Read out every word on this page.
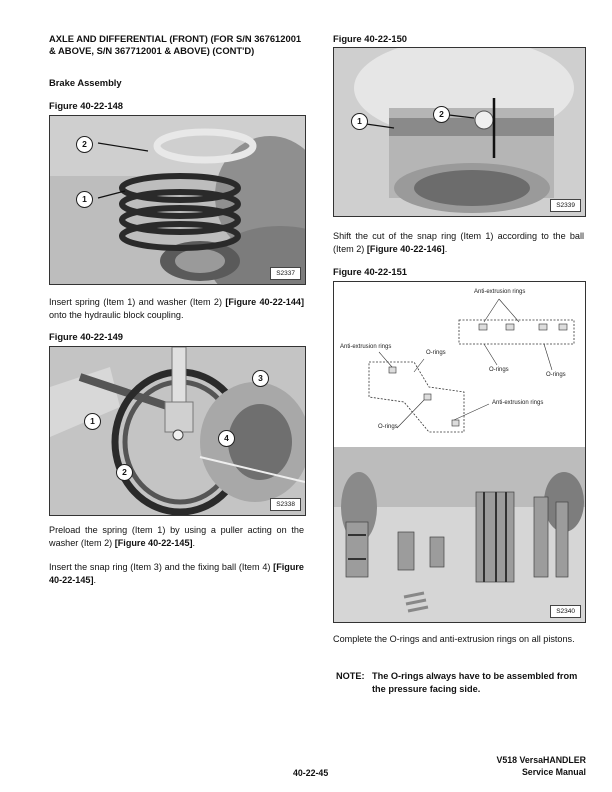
AXLE AND DIFFERENTIAL (FRONT) (FOR S/N 367612001 & ABOVE, S/N 367712001 & ABOVE) (CONT'D)
Brake Assembly
Figure 40-22-148
2
1
S2337
Insert spring (Item 1) and washer (Item 2) [Figure 40-22-144] onto the hydraulic block coupling.
Figure 40-22-149
3
1
4
2
S2338
Preload the spring (Item 1) by using a puller acting on the washer (Item 2) [Figure 40-22-145].
Insert the snap ring (Item 3) and the fixing ball (Item 4) [Figure 40-22-145].
Figure 40-22-150
1
2
S2339
Shift the cut of the snap ring (Item 1) according to the ball (Item 2) [Figure 40-22-146].
Figure 40-22-151
Anti-extrusion rings
Anti-extrusion rings
O-rings
O-rings
O-rings
Anti-extrusion rings
O-rings
S2340
Complete the O-rings and anti-extrusion rings on all pistons.
NOTE: The O-rings always have to be assembled from the pressure facing side.
V518 VersaHANDLER
Service Manual
40-22-45
